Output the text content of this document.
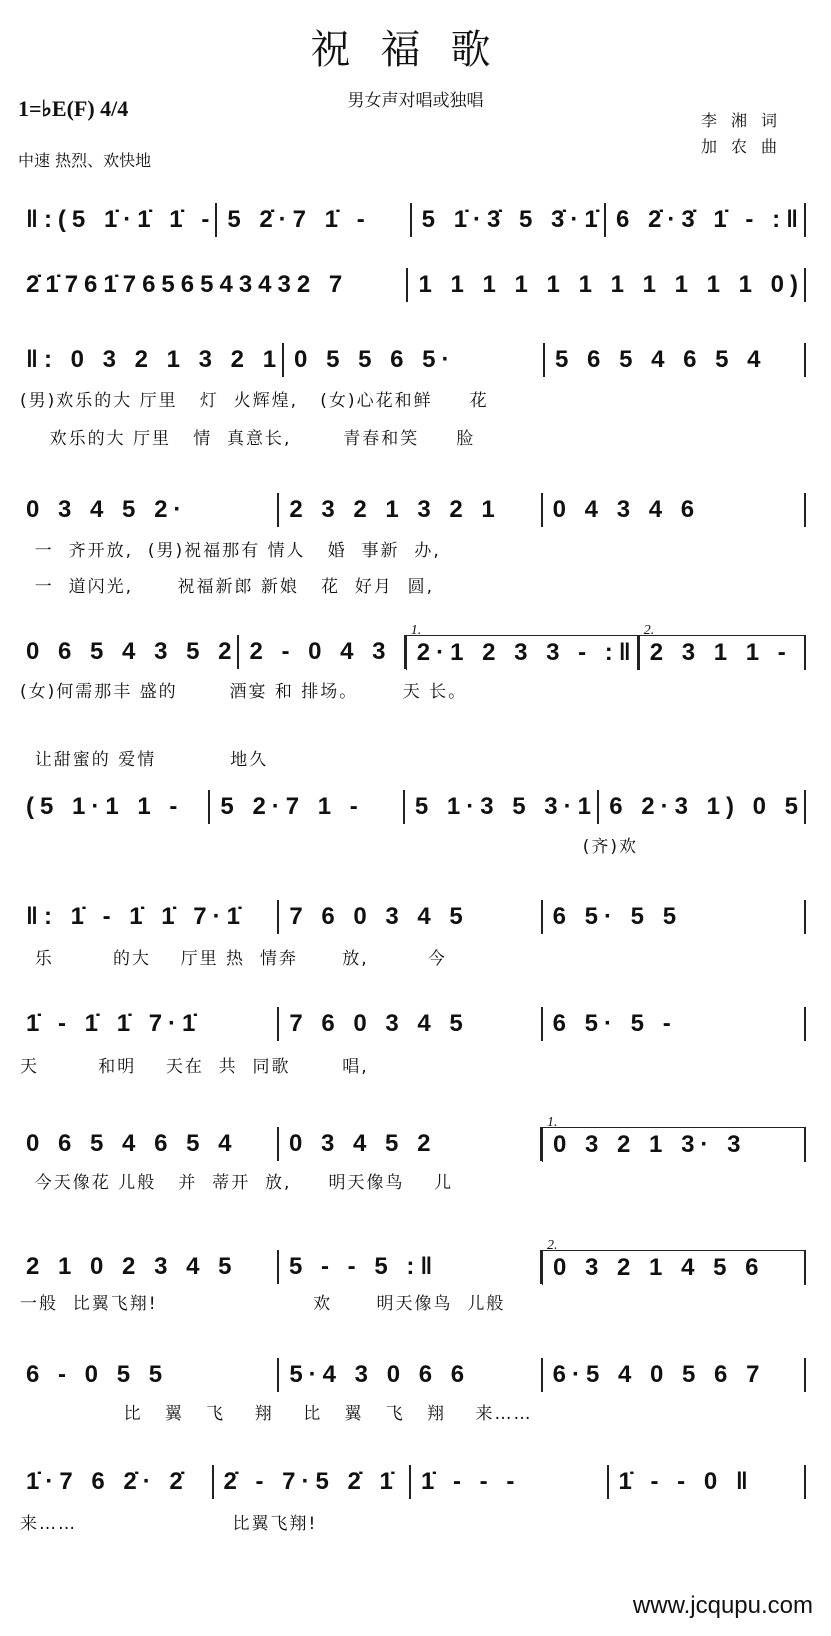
祝福歌
男女声对唱或独唱
1=♭E(F) 4/4
中速 热烈、欢快地
李湘词
加农曲
‖:(5 1̇·1̇ 1̇ - 5 2̇·7 1̇ -	5 1̇·3̇ 5 3̇·1̇ 6 2̇·3̇ 1̇ - :‖
2̇1̇761̇7656543432 7	1 1 1 1 1 1 1 1 1 1 1 0)
‖: 0 3 2 1 3 2 1 0 5 5 6 5·	5 6 5 4 6 5 4
(男)欢乐的大 厅里   灯  火辉煌,   (女)心花和鲜     花
欢乐的大 厅里   情  真意长,       青春和笑     脸
0 3 4 5 2·	2 3 2 1 3 2 1	0 4 3 4 6
一  齐开放,  (男)祝福那有 情人   婚  事新  办,
一  道闪光,      祝福新郎 新娘   花  好月  圆,
0 6 5 4 3 5 2 2 - 0 4 3
1.
2·1 2 3 3 - :‖
2.
2 3 1 1 -
(女)何需那丰 盛的       酒宴 和 排场。      天 长。
让甜蜜的 爱情          地久
(5 1·1 1 -	5 2·7 1 -	5 1·3 5 3·1 6 2·3 1) 0 5
(齐)欢
‖: 1̇ - 1̇ 1̇ 7·1̇	7 6 0 3 4 5	6 5· 5 5
乐        的大    厅里 热  情奔      放,        今
1̇ - 1̇ 1̇ 7·1̇	7 6 0 3 4 5	6 5· 5 -
天        和明    天在  共  同歌       唱,
0 6 5 4 6 5 4	0 3 4 5 2
1.
0 3 2 1 3· 3
今天像花 儿般   并  蒂开  放,     明天像鸟    儿
2 1 0 2 3 4 5	5 - - 5 :‖
2.
0 3 2 1 4 5 6
一般  比翼飞翔!                     欢      明天像鸟  儿般
6 - 0 5 5	5·4 3 0 6 6	6·5 4 0 5 6 7
比   翼   飞    翔    比   翼   飞   翔    来……
1̇·7 6 2̇· 2̇	2̇ - 7·5 2̇ 1̇ 1̇ - - -	1̇ - - 0 ‖
来……                     比翼飞翔!
www.jcqupu.com
